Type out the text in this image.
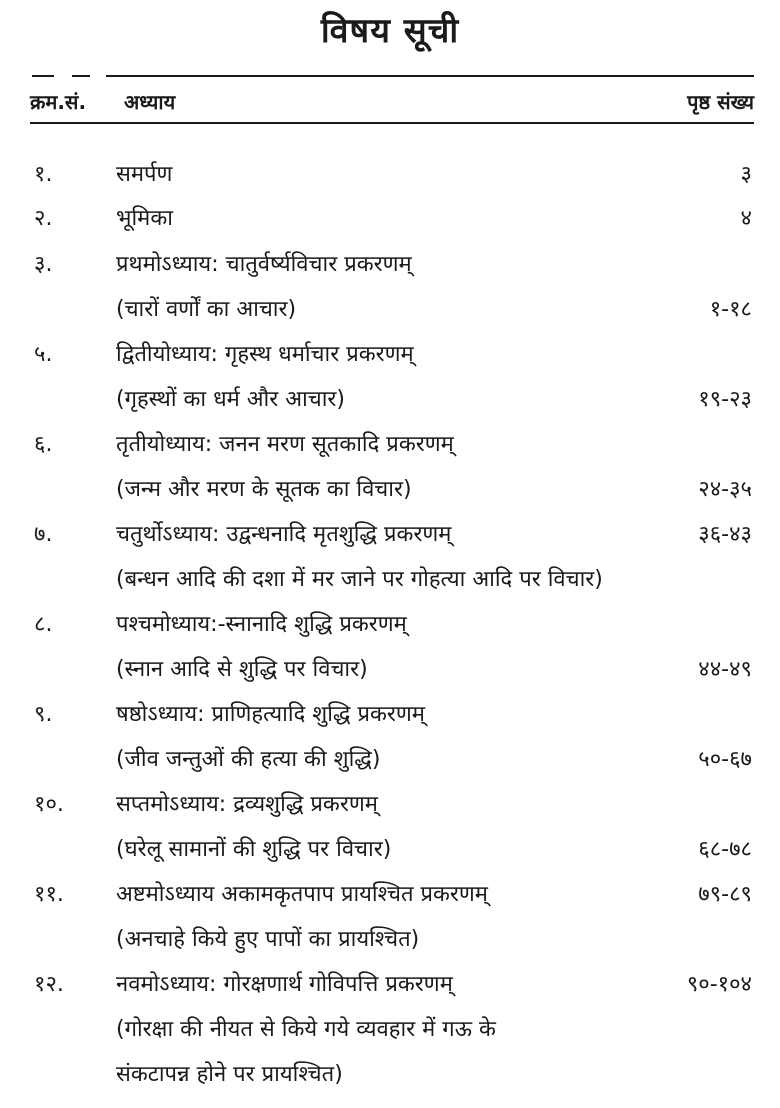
विषय सूची
क्रम.सं. अध्याय	पृष्ठ संख्य
१.	समर्पण	३
२.	भूमिका	४
३.	प्रथमोऽध्याय: चातुर्वर्ष्यविचार प्रकरणम्
(चारों वर्णों का आचार)	१-१८
५.	द्वितीयोध्याय: गृहस्थ धर्माचार प्रकरणम्
(गृहस्थों का धर्म और आचार)	१९-२३
६.	तृतीयोध्याय: जनन मरण सूतकादि प्रकरणम्
(जन्म और मरण के सूतक का विचार)	२४-३५
७.	चतुर्थोऽध्याय: उद्वन्धनादि मृतशुद्धि प्रकरणम्	३६-४३
(बन्धन आदि की दशा में मर जाने पर गोहत्या आदि पर विचार)
८.	पश्चमोध्याय:-स्नानादि शुद्धि प्रकरणम्
(स्नान आदि से शुद्धि पर विचार)	४४-४९
९.	षष्ठोऽध्याय: प्राणिहत्यादि शुद्धि प्रकरणम्
(जीव जन्तुओं की हत्या की शुद्धि)	५०-६७
१०.	सप्तमोऽध्याय: द्रव्यशुद्धि प्रकरणम्
(घरेलू सामानों की शुद्धि पर विचार)	६८-७८
११.	अष्टमोऽध्याय अकामकृतपाप प्रायश्चित प्रकरणम्	७९-८९
(अनचाहे किये हुए पापों का प्रायश्चित)
१२.	नवमोऽध्याय: गोरक्षणार्थ गोविपत्ति प्रकरणम्	९०-१०४
(गोरक्षा की नीयत से किये गये व्यवहार में गऊ के
संकटापन्न होने पर प्रायश्चित)
